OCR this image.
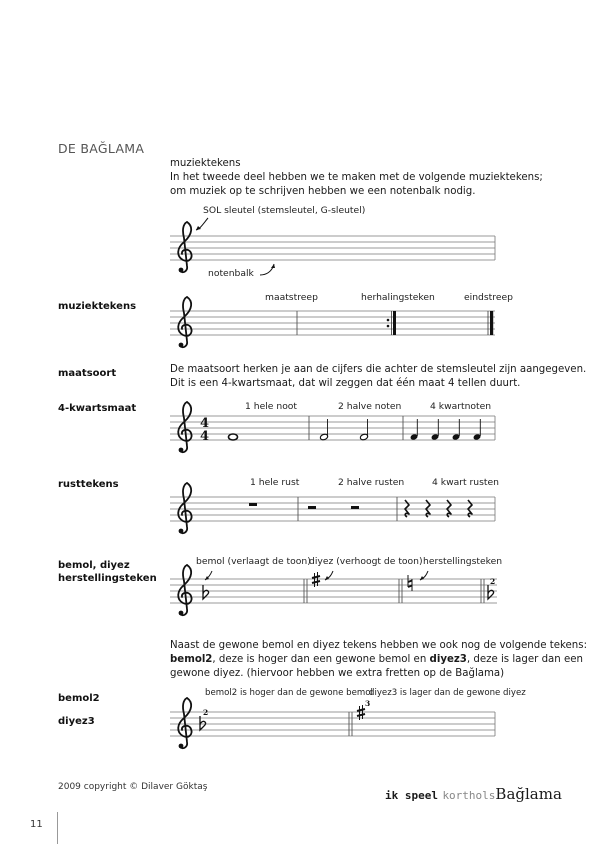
DE BAĞLAMA
muziektekens
In het tweede deel hebben we te maken met de volgende muziektekens;
om muziek op te schrijven hebben we een notenbalk nodig.
SOL sleutel (stemsleutel, G-sleutel)
notenbalk
muziektekens
maatstreep	herhalingsteken	eindstreep
maatsoort	De maatsoort herken je aan de cijfers die achter de stemsleutel zijn aangegeven.
Dit is een 4-kwartsmaat, dat wil zeggen dat één maat 4 tellen duurt.
4-kwartsmaat	1 hele noot	2 halve noten	4 kwartnoten
rusttekens	1 hele rust	2 halve rusten	4 kwart rusten
bemol, diyez
herstellingsteken
bemol (verlaagt de toon)
diyez (verhoogt de toon) herstellingsteken
Naast de gewone bemol en diyez tekens hebben we ook nog de volgende tekens:
bemol2, deze is hoger dan een gewone bemol en diyez3, deze is lager dan een
gewone diyez. (hiervoor hebben we extra fretten op de Bağlama)
bemol2
diyez3
bemol2 is hoger dan de gewone bemol
diyez3 is lager dan de gewone diyez
4
4
2
2
3
2009 copyright © Dilaver Göktaş
ik speel kortholsBağlama
11
